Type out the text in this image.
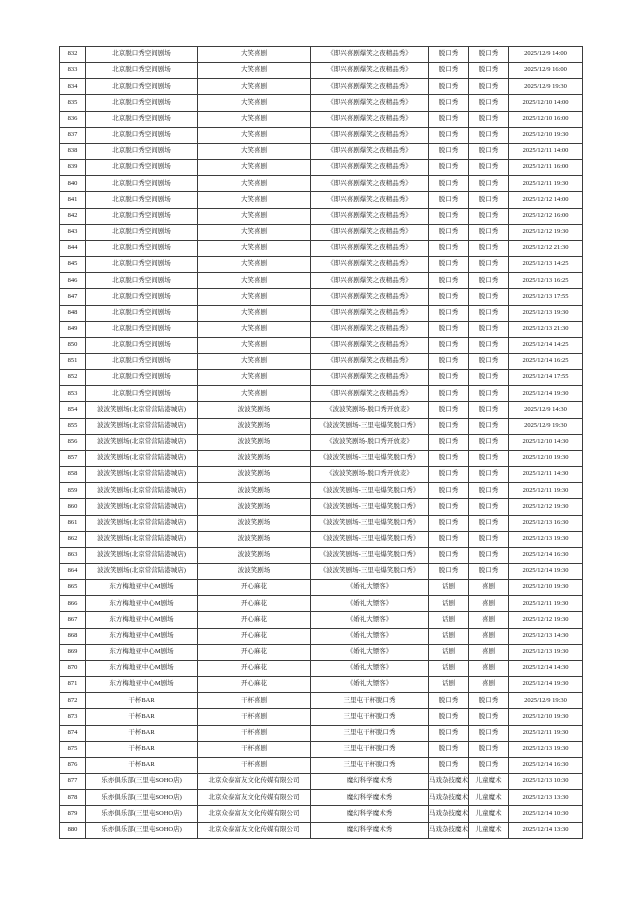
832	北京脱口秀空间剧场	大笑喜剧	《即兴喜剧爆笑之夜精品秀》	脱口秀	脱口秀	2025/12/9 14:00
833	北京脱口秀空间剧场	大笑喜剧	《即兴喜剧爆笑之夜精品秀》	脱口秀	脱口秀	2025/12/9 16:00
834	北京脱口秀空间剧场	大笑喜剧	《即兴喜剧爆笑之夜精品秀》	脱口秀	脱口秀	2025/12/9 19:30
835	北京脱口秀空间剧场	大笑喜剧	《即兴喜剧爆笑之夜精品秀》	脱口秀	脱口秀	2025/12/10 14:00
836	北京脱口秀空间剧场	大笑喜剧	《即兴喜剧爆笑之夜精品秀》	脱口秀	脱口秀	2025/12/10 16:00
837	北京脱口秀空间剧场	大笑喜剧	《即兴喜剧爆笑之夜精品秀》	脱口秀	脱口秀	2025/12/10 19:30
838	北京脱口秀空间剧场	大笑喜剧	《即兴喜剧爆笑之夜精品秀》	脱口秀	脱口秀	2025/12/11 14:00
839	北京脱口秀空间剧场	大笑喜剧	《即兴喜剧爆笑之夜精品秀》	脱口秀	脱口秀	2025/12/11 16:00
840	北京脱口秀空间剧场	大笑喜剧	《即兴喜剧爆笑之夜精品秀》	脱口秀	脱口秀	2025/12/11 19:30
841	北京脱口秀空间剧场	大笑喜剧	《即兴喜剧爆笑之夜精品秀》	脱口秀	脱口秀	2025/12/12 14:00
842	北京脱口秀空间剧场	大笑喜剧	《即兴喜剧爆笑之夜精品秀》	脱口秀	脱口秀	2025/12/12 16:00
843	北京脱口秀空间剧场	大笑喜剧	《即兴喜剧爆笑之夜精品秀》	脱口秀	脱口秀	2025/12/12 19:30
844	北京脱口秀空间剧场	大笑喜剧	《即兴喜剧爆笑之夜精品秀》	脱口秀	脱口秀	2025/12/12 21:30
845	北京脱口秀空间剧场	大笑喜剧	《即兴喜剧爆笑之夜精品秀》	脱口秀	脱口秀	2025/12/13 14:25
846	北京脱口秀空间剧场	大笑喜剧	《即兴喜剧爆笑之夜精品秀》	脱口秀	脱口秀	2025/12/13 16:25
847	北京脱口秀空间剧场	大笑喜剧	《即兴喜剧爆笑之夜精品秀》	脱口秀	脱口秀	2025/12/13 17:55
848	北京脱口秀空间剧场	大笑喜剧	《即兴喜剧爆笑之夜精品秀》	脱口秀	脱口秀	2025/12/13 19:30
849	北京脱口秀空间剧场	大笑喜剧	《即兴喜剧爆笑之夜精品秀》	脱口秀	脱口秀	2025/12/13 21:30
850	北京脱口秀空间剧场	大笑喜剧	《即兴喜剧爆笑之夜精品秀》	脱口秀	脱口秀	2025/12/14 14:25
851	北京脱口秀空间剧场	大笑喜剧	《即兴喜剧爆笑之夜精品秀》	脱口秀	脱口秀	2025/12/14 16:25
852	北京脱口秀空间剧场	大笑喜剧	《即兴喜剧爆笑之夜精品秀》	脱口秀	脱口秀	2025/12/14 17:55
853	北京脱口秀空间剧场	大笑喜剧	《即兴喜剧爆笑之夜精品秀》	脱口秀	脱口秀	2025/12/14 19:30
854	波波笑剧场(北京常营陆港城店)	波波笑剧场	《波波笑剧场-脱口秀开放麦》	脱口秀	脱口秀	2025/12/9 14:30
855	波波笑剧场(北京常营陆港城店)	波波笑剧场	《波波笑剧场-三里屯爆笑脱口秀》	脱口秀	脱口秀	2025/12/9 19:30
856	波波笑剧场(北京常营陆港城店)	波波笑剧场	《波波笑剧场-脱口秀开放麦》	脱口秀	脱口秀	2025/12/10 14:30
857	波波笑剧场(北京常营陆港城店)	波波笑剧场	《波波笑剧场-三里屯爆笑脱口秀》	脱口秀	脱口秀	2025/12/10 19:30
858	波波笑剧场(北京常营陆港城店)	波波笑剧场	《波波笑剧场-脱口秀开放麦》	脱口秀	脱口秀	2025/12/11 14:30
859	波波笑剧场(北京常营陆港城店)	波波笑剧场	《波波笑剧场-三里屯爆笑脱口秀》	脱口秀	脱口秀	2025/12/11 19:30
860	波波笑剧场(北京常营陆港城店)	波波笑剧场	《波波笑剧场-三里屯爆笑脱口秀》	脱口秀	脱口秀	2025/12/12 19:30
861	波波笑剧场(北京常营陆港城店)	波波笑剧场	《波波笑剧场-三里屯爆笑脱口秀》	脱口秀	脱口秀	2025/12/13 16:30
862	波波笑剧场(北京常营陆港城店)	波波笑剧场	《波波笑剧场-三里屯爆笑脱口秀》	脱口秀	脱口秀	2025/12/13 19:30
863	波波笑剧场(北京常营陆港城店)	波波笑剧场	《波波笑剧场-三里屯爆笑脱口秀》	脱口秀	脱口秀	2025/12/14 16:30
864	波波笑剧场(北京常营陆港城店)	波波笑剧场	《波波笑剧场-三里屯爆笑脱口秀》	脱口秀	脱口秀	2025/12/14 19:30
865	东方梅地亚中心M剧场	开心麻花	《婚礼大镖客》	话剧	喜剧	2025/12/10 19:30
866	东方梅地亚中心M剧场	开心麻花	《婚礼大镖客》	话剧	喜剧	2025/12/11 19:30
867	东方梅地亚中心M剧场	开心麻花	《婚礼大镖客》	话剧	喜剧	2025/12/12 19:30
868	东方梅地亚中心M剧场	开心麻花	《婚礼大镖客》	话剧	喜剧	2025/12/13 14:30
869	东方梅地亚中心M剧场	开心麻花	《婚礼大镖客》	话剧	喜剧	2025/12/13 19:30
870	东方梅地亚中心M剧场	开心麻花	《婚礼大镖客》	话剧	喜剧	2025/12/14 14:30
871	东方梅地亚中心M剧场	开心麻花	《婚礼大镖客》	话剧	喜剧	2025/12/14 19:30
872	干杯BAR	干杯喜剧	三里屯干杯脱口秀	脱口秀	脱口秀	2025/12/9 19:30
873	干杯BAR	干杯喜剧	三里屯干杯脱口秀	脱口秀	脱口秀	2025/12/10 19:30
874	干杯BAR	干杯喜剧	三里屯干杯脱口秀	脱口秀	脱口秀	2025/12/11 19:30
875	干杯BAR	干杯喜剧	三里屯干杯脱口秀	脱口秀	脱口秀	2025/12/13 19:30
876	干杯BAR	干杯喜剧	三里屯干杯脱口秀	脱口秀	脱口秀	2025/12/14 16:30
877	乐亦俱乐部(三里屯SOHO店)	北京众泰富友文化传媒有限公司	魔幻科学魔术秀	马戏杂技魔术	儿童魔术	2025/12/13 10:30
878	乐亦俱乐部(三里屯SOHO店)	北京众泰富友文化传媒有限公司	魔幻科学魔术秀	马戏杂技魔术	儿童魔术	2025/12/13 13:30
879	乐亦俱乐部(三里屯SOHO店)	北京众泰富友文化传媒有限公司	魔幻科学魔术秀	马戏杂技魔术	儿童魔术	2025/12/14 10:30
880	乐亦俱乐部(三里屯SOHO店)	北京众泰富友文化传媒有限公司	魔幻科学魔术秀	马戏杂技魔术	儿童魔术	2025/12/14 13:30
